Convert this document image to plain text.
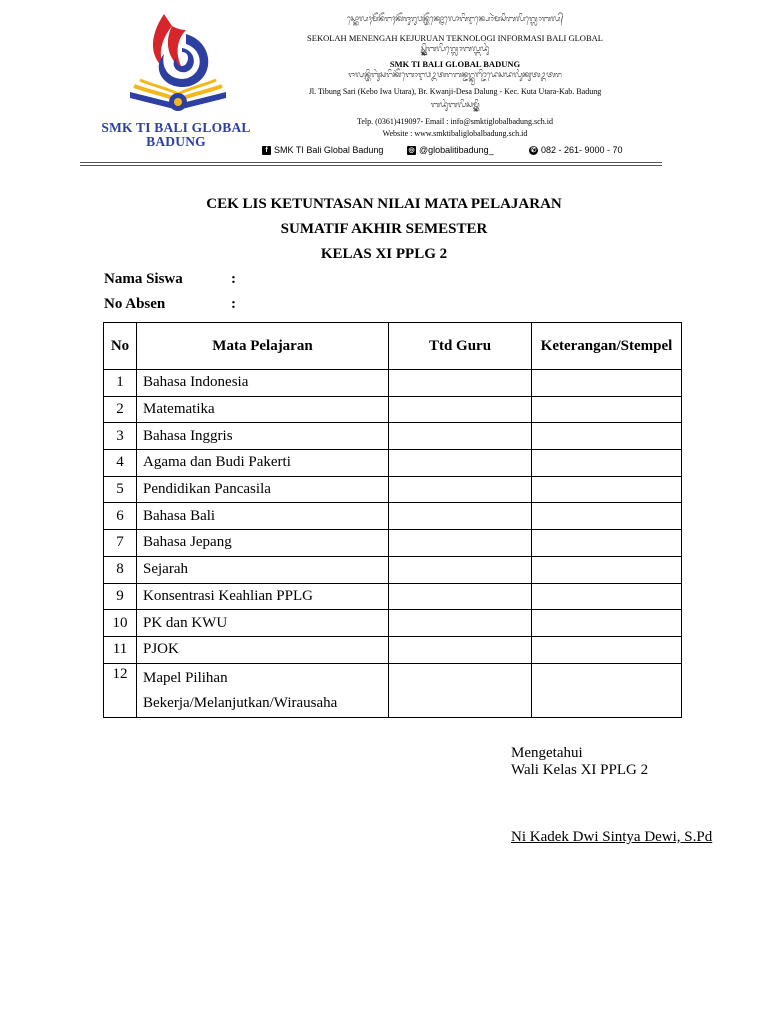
SMK TI BALI GLOBAL
BADUNG
ᬲ᭄ᬓᭀᬮᬄᬫᭂᬦᭂᬗᬄᬓᭂᬚᬸᬭᬸᬯᬦ᭄ᬢᭂᬓ᭄ᬦᭀᬮᭀᬕᬶᬇᬦ᭄ᬧᭀᬃᬫᬲᬶᬩᬮᬶᬕ᭄ᬮᭀᬩᬮ᭄
SEKOLAH MENENGAH KEJURUAN TEKNOLOGI INFORMASI BALI GLOBAL
ᬲ᭄ᬫ᭄ᬓ᭄ᬢᬶᬩᬮᬶᬕ᭄ᬮᭀᬩᬮ᭄ᬩᬤᬸᬂ
SMK TI BALI GLOBAL BADUNG
ᬚᬮᬦ᭄ᬢᬶᬩᬸᬂᬲᬭᬶᬓᭂᬩᭀᬇᬯᬉᬢᬭᬩᬦ᭄ᬚᬭ᭄ᬓ᭄ᬯᬜ᭄ᬚᬶᬤᬾᬲᬤᬮᬸᬂᬓᬸᬢᬉᬢᬭ
Jl. Tibung Sari (Kebo Iwa Utara), Br. Kwanji-Desa Dalung - Kec. Kuta Utara-Kab. Badung
ᬩᬤᬸᬂᬩᬮᬶᬲᬫ᭄ᬓ᭄ᬢᬶ
Telp. (0361)419097- Email : info@smktiglobalbadung.sch.id
Website : www.smktibaliglobalbadung.sch.id
f SMK TI Bali Global Badung	◎ @globalitibadung_	✆ 082 - 261- 9000 - 70
CEK LIS KETUNTASAN NILAI MATA PELAJARAN
SUMATIF AKHIR SEMESTER
KELAS XI PPLG 2
Nama Siswa	:
No Absen	:
No	Mata Pelajaran	Ttd Guru	Keterangan/Stempel
1	Bahasa Indonesia		

2	Matematika		

3	Bahasa Inggris		

4	Agama dan Budi Pakerti		

5	Pendidikan Pancasila		

6	Bahasa Bali		

7	Bahasa Jepang		

8	Sejarah		

9	Konsentrasi Keahlian PPLG		

10	PK dan KWU		

11	PJOK		

12	Mapel Pilihan
Bekerja/Melanjutkan/Wirausaha		

Mengetahui
Wali Kelas XI PPLG 2
Ni Kadek Dwi Sintya Dewi, S.Pd
